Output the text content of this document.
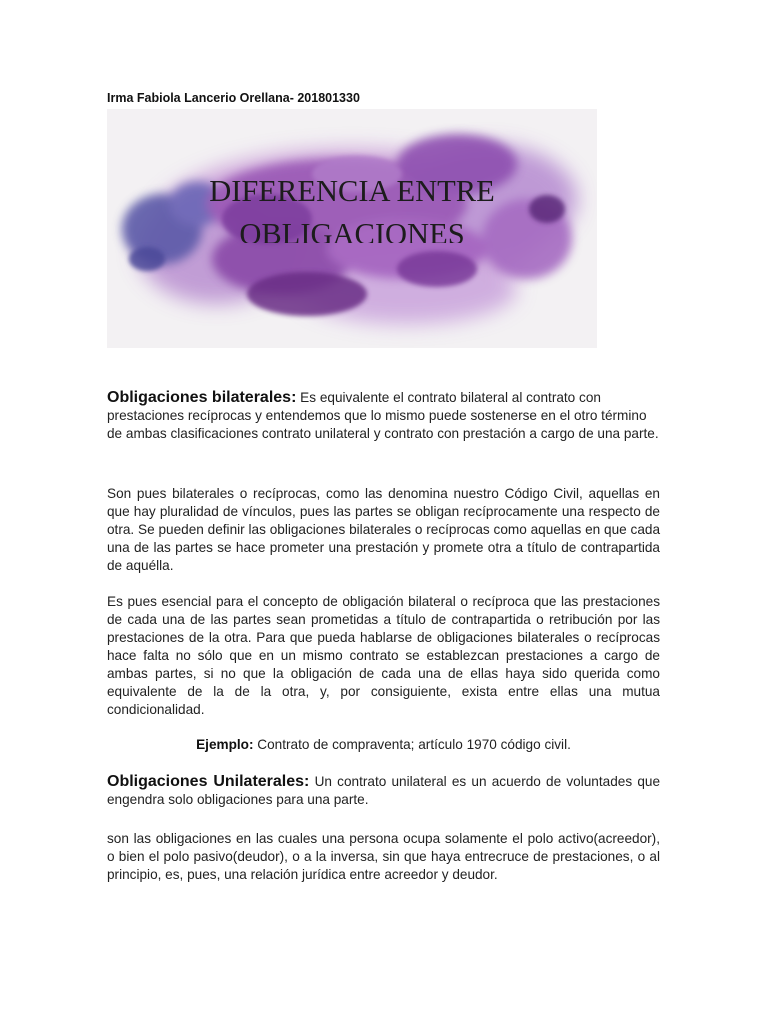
Irma Fabiola Lancerio Orellana- 201801330
DIFERENCIA ENTRE
OBLIGACIONES

Obligaciones bilaterales: Es equivalente el contrato bilateral al contrato con prestaciones recíprocas y entendemos que lo mismo puede sostenerse en el otro término de ambas clasificaciones contrato unilateral y contrato con prestación a cargo de una parte.

Son pues bilaterales o recíprocas, como las denomina nuestro Código Civil, aquellas en que hay pluralidad de vínculos, pues las partes se obligan recíprocamente una respecto de otra. Se pueden definir las obligaciones bilaterales o recíprocas como aquellas en que cada una de las partes se hace prometer una prestación y promete otra a título de contrapartida de aquélla.

Es pues esencial para el concepto de obligación bilateral o recíproca que las prestaciones de cada una de las partes sean prometidas a título de contrapartida o retribución por las prestaciones de la otra. Para que pueda hablarse de obligaciones bilaterales o recíprocas hace falta no sólo que en un mismo contrato se establezcan prestaciones a cargo de ambas partes, si no que la obligación de cada una de ellas haya sido querida como equivalente de la de la otra, y, por consiguiente, exista entre ellas una mutua condicionalidad.

Ejemplo: Contrato de compraventa; artículo 1970 código civil.

Obligaciones Unilaterales: Un contrato unilateral es un acuerdo de voluntades que engendra solo obligaciones para una parte.

son las obligaciones en las cuales una persona ocupa solamente el polo activo(acreedor), o bien el polo pasivo(deudor), o a la inversa, sin que haya entrecruce de prestaciones, o al principio, es, pues, una relación jurídica entre acreedor y deudor.
